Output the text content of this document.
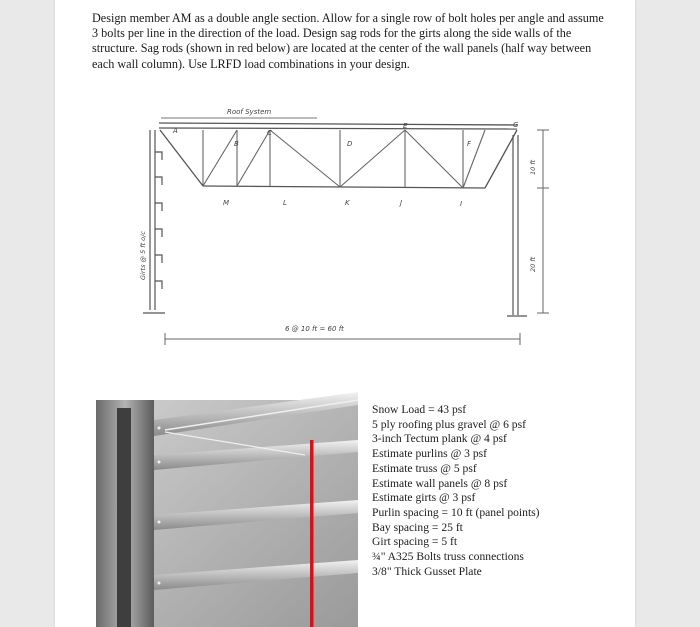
Design member AM as a double angle section. Allow for a single row of bolt holes per angle and assume 3 bolts per line in the direction of the load. Design sag rods for the girts along the side walls of the structure. Sag rods (shown in red below) are located at the center of the wall panels (half way between each wall column). Use LRFD load combinations in your design.

Roof System
A
B
C
D
E
F
G
M	L	K	J	I
10 ft
20 ft
Girts @ 5 ft o/c
6 @ 10 ft = 60 ft
Snow Load = 43 psf
5 ply roofing plus gravel @ 6 psf
3-inch Tectum plank @ 4 psf
Estimate purlins @ 3 psf
Estimate truss @ 5 psf
Estimate wall panels @ 8 psf
Estimate girts @ 3 psf
Purlin spacing = 10 ft (panel points)
Bay spacing = 25 ft
Girt spacing = 5 ft
¾" A325 Bolts truss connections
3/8" Thick Gusset Plate
